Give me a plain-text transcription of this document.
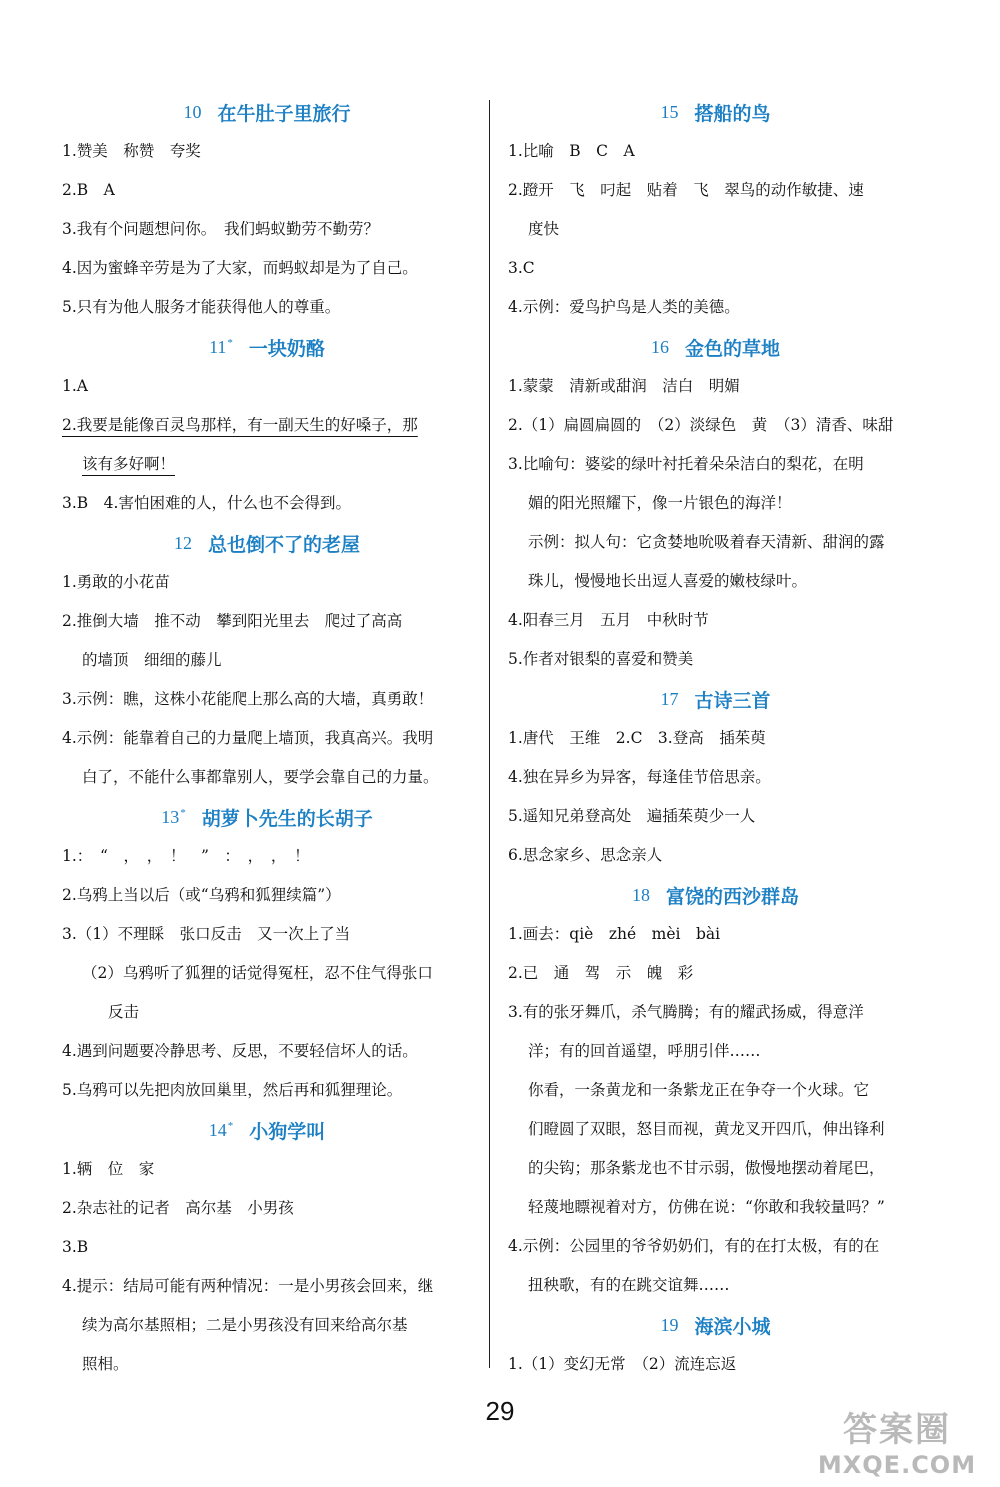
10 在牛肚子里旅行
1.赞美　称赞　夸奖
2.B　A
3.我有个问题想问你。　我们蚂蚁勤劳不勤劳？
4.因为蜜蜂辛劳是为了大家，而蚂蚁却是为了自己。
5.只有为他人服务才能获得他人的尊重。
11* 一块奶酪
1.A
2.我要是能像百灵鸟那样，有一副天生的好嗓子，那
该有多好啊！
3.B　4.害怕困难的人，什么也不会得到。
12 总也倒不了的老屋
1.勇敢的小花苗
2.推倒大墙　推不动　攀到阳光里去　爬过了高高
的墙顶　细细的藤儿
3.示例：瞧，这株小花能爬上那么高的大墙，真勇敢！
4.示例：能靠着自己的力量爬上墙顶，我真高兴。我明
白了，不能什么事都靠别人，要学会靠自己的力量。
13* 胡萝卜先生的长胡子
1.：　“　，　，　！　”　：　，　，　！
2.乌鸦上当以后（或“乌鸦和狐狸续篇”）
3.（1）不理睬　张口反击　又一次上了当
（2）乌鸦听了狐狸的话觉得冤枉，忍不住气得张口
反击
4.遇到问题要冷静思考、反思，不要轻信坏人的话。
5.乌鸦可以先把肉放回巢里，然后再和狐狸理论。
14* 小狗学叫
1.辆　位　家
2.杂志社的记者　高尔基　小男孩
3.B
4.提示：结局可能有两种情况：一是小男孩会回来，继
续为高尔基照相；二是小男孩没有回来给高尔基
照相。
15 搭船的鸟
1.比喻　B　C　A
2.蹬开　飞　叼起　贴着　飞　翠鸟的动作敏捷、速
度快
3.C
4.示例：爱鸟护鸟是人类的美德。
16 金色的草地
1.蒙蒙　清新或甜润　洁白　明媚
2.（1）扁圆扁圆的　（2）淡绿色　黄　（3）清香、味甜
3.比喻句：婆娑的绿叶衬托着朵朵洁白的梨花，在明
媚的阳光照耀下，像一片银色的海洋！
示例：拟人句：它贪婪地吮吸着春天清新、甜润的露
珠儿，慢慢地长出逗人喜爱的嫩枝绿叶。
4.阳春三月　五月　中秋时节
5.作者对银梨的喜爱和赞美
17 古诗三首
1.唐代　王维　2.C　3.登高　插茱萸
4.独在异乡为异客，每逢佳节倍思亲。
5.遥知兄弟登高处　遍插茱萸少一人
6.思念家乡、思念亲人
18 富饶的西沙群岛
1.画去：qiè　zhé　mèi　bài
2.已　通　驾　示　魄　彩
3.有的张牙舞爪，杀气腾腾；有的耀武扬威，得意洋
洋；有的回首遥望，呼朋引伴……
你看，一条黄龙和一条紫龙正在争夺一个火球。它
们瞪圆了双眼，怒目而视，黄龙叉开四爪，伸出锋利
的尖钩；那条紫龙也不甘示弱，傲慢地摆动着尾巴，
轻蔑地瞟视着对方，仿佛在说：“你敢和我较量吗？”
4.示例：公园里的爷爷奶奶们，有的在打太极，有的在
扭秧歌，有的在跳交谊舞……
19 海滨小城
1.（1）变幻无常　（2）流连忘返
29	答案圈
MXQE.COM
